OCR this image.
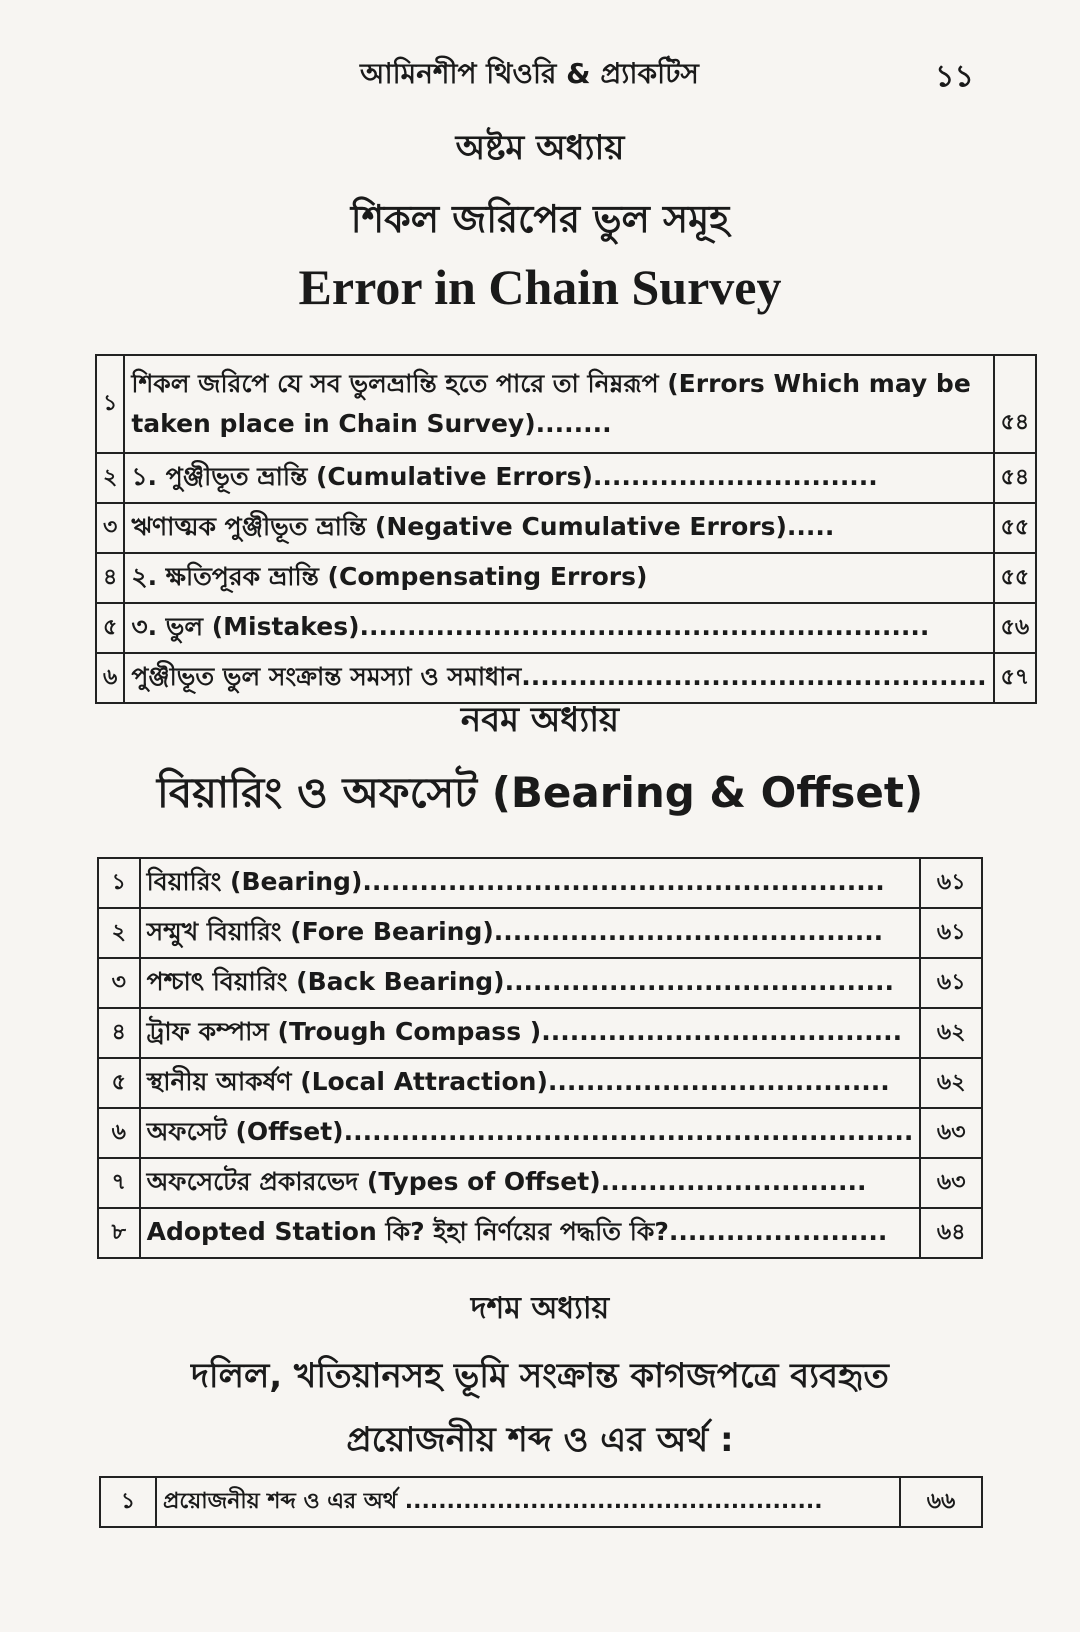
আমিনশীপ থিওরি & প্র্যাকটিস	১১
অষ্টম অধ্যায়
শিকল জরিপের ভুল সমূহ
Error in Chain Survey
১	শিকল জরিপে যে সব ভুলভ্রান্তি হতে পারে তা নিম্নরূপ (Errors Which may be taken place in Chain Survey)........	৫৪
২	১. পুঞ্জীভূত ভ্রান্তি (Cumulative Errors)..............................	৫৪
৩	ঋণাত্মক পুঞ্জীভূত ভ্রান্তি (Negative Cumulative Errors).....	৫৫
৪	২. ক্ষতিপূরক ভ্রান্তি (Compensating Errors)	৫৫
৫	৩. ভুল (Mistakes)............................................................	৫৬
৬	পুঞ্জীভূত ভুল সংক্রান্ত সমস্যা ও সমাধান.................................................	৫৭
নবম অধ্যায়
বিয়ারিং ও অফসেট (Bearing & Offset)
১	বিয়ারিং (Bearing).......................................................	৬১
২	সম্মুখ বিয়ারিং (Fore Bearing).........................................	৬১
৩	পশ্চাৎ বিয়ারিং (Back Bearing).........................................	৬১
৪	ট্রাফ কম্পাস (Trough Compass )......................................	৬২
৫	স্থানীয় আকর্ষণ (Local Attraction)....................................	৬২
৬	অফসেট (Offset)............................................................	৬৩
৭	অফসেটের প্রকারভেদ (Types of Offset)............................	৬৩
৮	Adopted Station কি? ইহা নির্ণয়ের পদ্ধতি কি?.......................	৬৪
দশম অধ্যায়
দলিল, খতিয়ানসহ ভূমি সংক্রান্ত কাগজপত্রে ব্যবহৃত
প্রয়োজনীয় শব্দ ও এর অর্থ :
১	প্রয়োজনীয় শব্দ ও এর অর্থ ..................................................	৬৬
